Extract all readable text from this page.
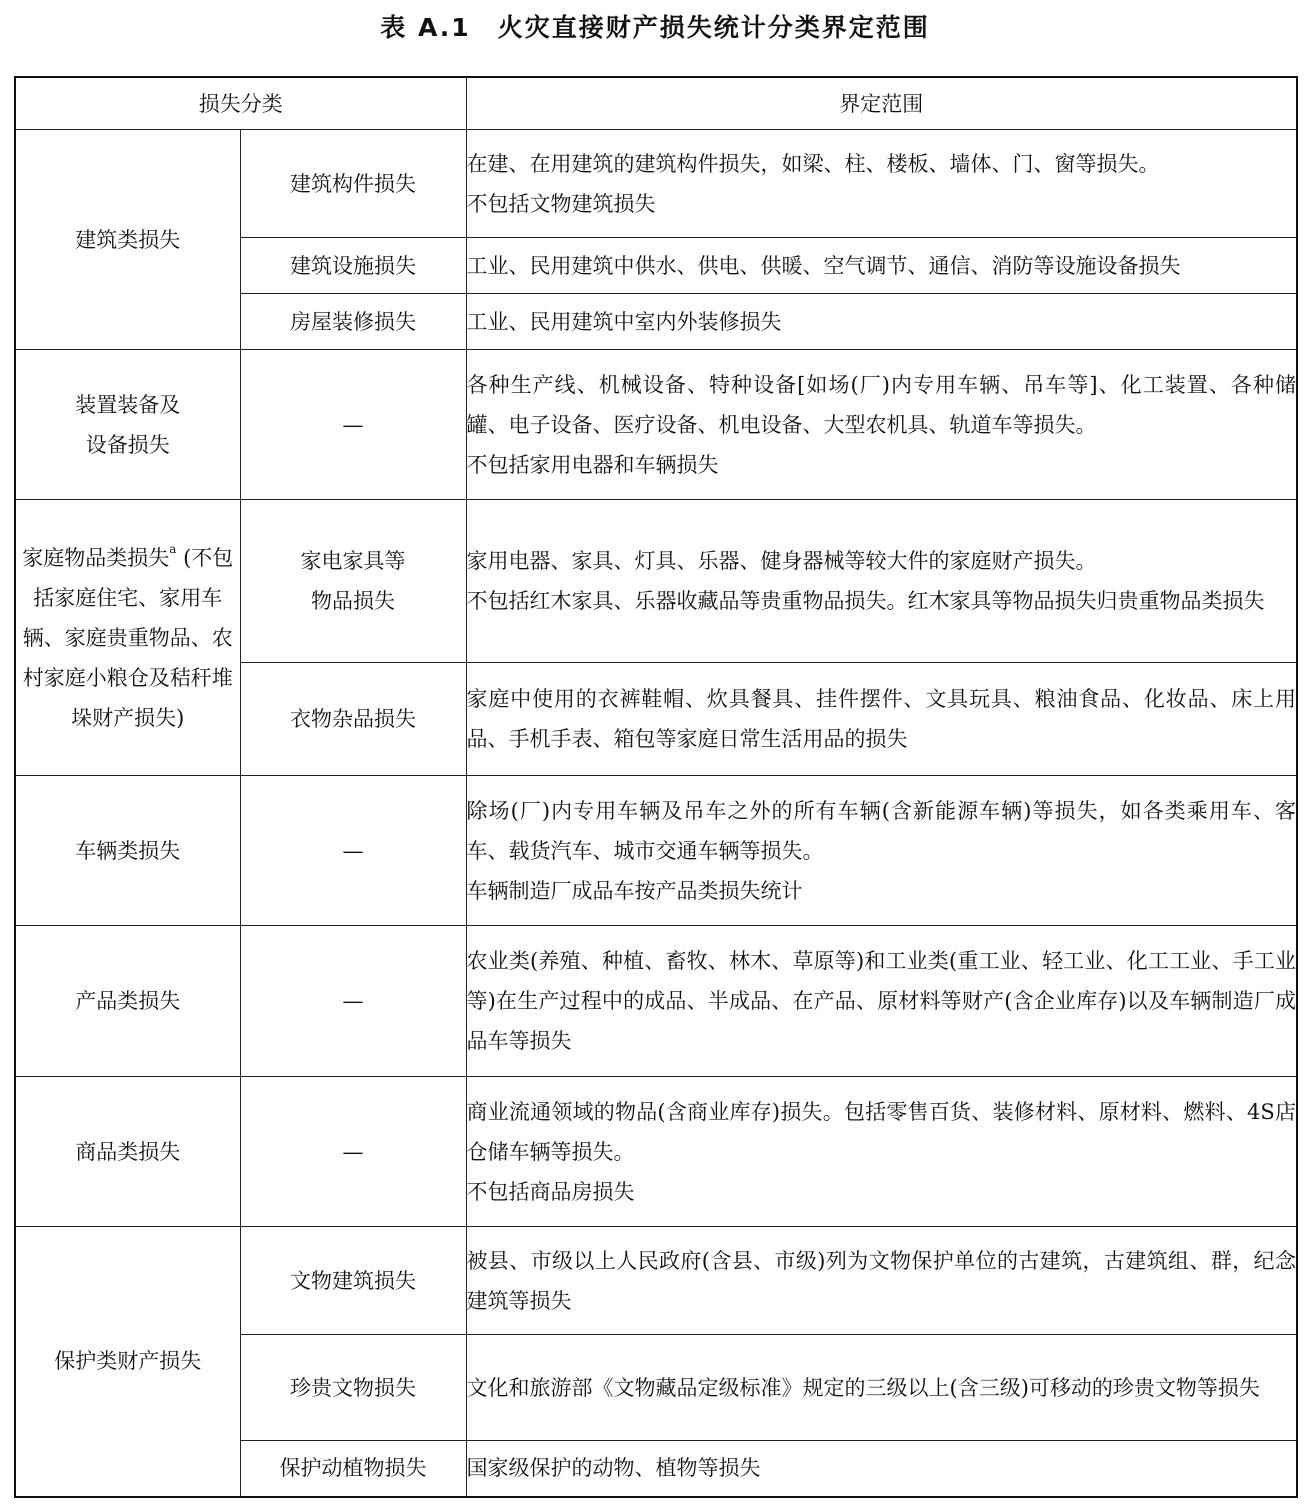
表 A.1　火灾直接财产损失统计分类界定范围
损失分类		界定范围
建筑类损失	建筑构件损失	在建、在用建筑的建筑构件损失，如梁、柱、楼板、墙体、门、窗等损失。
不包括文物建筑损失

	建筑设施损失	工业、民用建筑中供水、供电、供暖、空气调节、通信、消防等设施设备损失

	房屋装修损失	工业、民用建筑中室内外装修损失

装置装备及
设备损失	—	各种生产线、机械设备、特种设备[如场(厂)内专用车辆、吊车等]、化工装置、各种储罐、电子设备、医疗设备、机电设备、大型农机具、轨道车等损失。
不包括家用电器和车辆损失

家庭物品类损失$^a$ (不包括家庭住宅、家用车辆、家庭贵重物品、农村家庭小粮仓及秸秆堆垛财产损失)	家电家具等
物品损失	家用电器、家具、灯具、乐器、健身器械等较大件的家庭财产损失。
不包括红木家具、乐器收藏品等贵重物品损失。红木家具等物品损失归贵重物品类损失

	衣物杂品损失	家庭中使用的衣裤鞋帽、炊具餐具、挂件摆件、文具玩具、粮油食品、化妆品、床上用品、手机手表、箱包等家庭日常生活用品的损失

车辆类损失	—	除场(厂)内专用车辆及吊车之外的所有车辆(含新能源车辆)等损失，如各类乘用车、客车、载货汽车、城市交通车辆等损失。
车辆制造厂成品车按产品类损失统计

产品类损失	—	农业类(养殖、种植、畜牧、林木、草原等)和工业类(重工业、轻工业、化工工业、手工业等)在生产过程中的成品、半成品、在产品、原材料等财产(含企业库存)以及车辆制造厂成品车等损失

商品类损失	—	商业流通领域的物品(含商业库存)损失。包括零售百货、装修材料、原材料、燃料、4S店仓储车辆等损失。
不包括商品房损失

保护类财产损失	文物建筑损失	被县、市级以上人民政府(含县、市级)列为文物保护单位的古建筑，古建筑组、群，纪念建筑等损失

	珍贵文物损失	文化和旅游部《文物藏品定级标准》规定的三级以上(含三级)可移动的珍贵文物等损失

	保护动植物损失	国家级保护的动物、植物等损失
